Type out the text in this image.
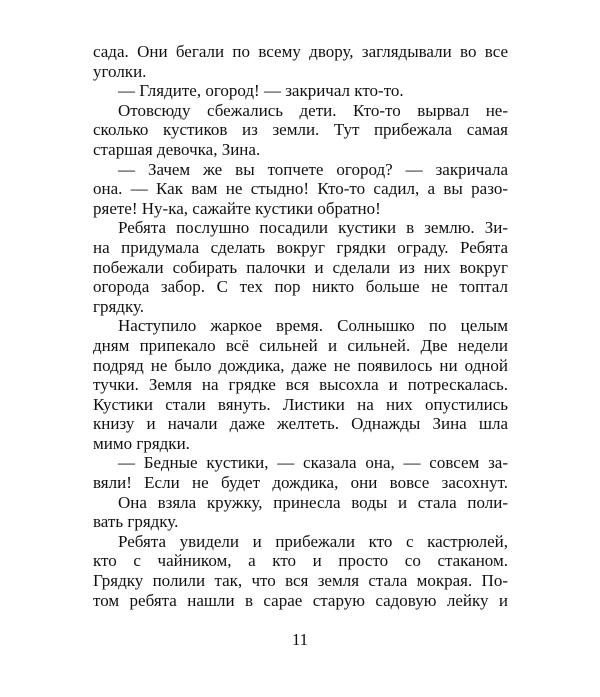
сада. Они бегали по всему двору, заглядывали во все
уголки.
— Глядите, огород! — закричал кто-то.
Отовсюду сбежались дети. Кто-то вырвал не-
сколько кустиков из земли. Тут прибежала самая
старшая девочка, Зина.
— Зачем же вы топчете огород? — закричала
она. — Как вам не стыдно! Кто-то садил, а вы разо-
ряете! Ну-ка, сажайте кустики обратно!
Ребята послушно посадили кустики в землю. Зи-
на придумала сделать вокруг грядки ограду. Ребята
побежали собирать палочки и сделали из них вокруг
огорода забор. С тех пор никто больше не топтал
грядку.
Наступило жаркое время. Солнышко по целым
дням припекало всё сильней и сильней. Две недели
подряд не было дождика, даже не появилось ни одной
тучки. Земля на грядке вся высохла и потрескалась.
Кустики стали вянуть. Листики на них опустились
книзу и начали даже желтеть. Однажды Зина шла
мимо грядки.
— Бедные кустики, — сказала она, — совсем за-
вяли! Если не будет дождика, они вовсе засохнут.
Она взяла кружку, принесла воды и стала поли-
вать грядку.
Ребята увидели и прибежали кто с кастрюлей,
кто с чайником, а кто и просто со стаканом.
Грядку полили так, что вся земля стала мокрая. По-
том ребята нашли в сарае старую садовую лейку и
11
